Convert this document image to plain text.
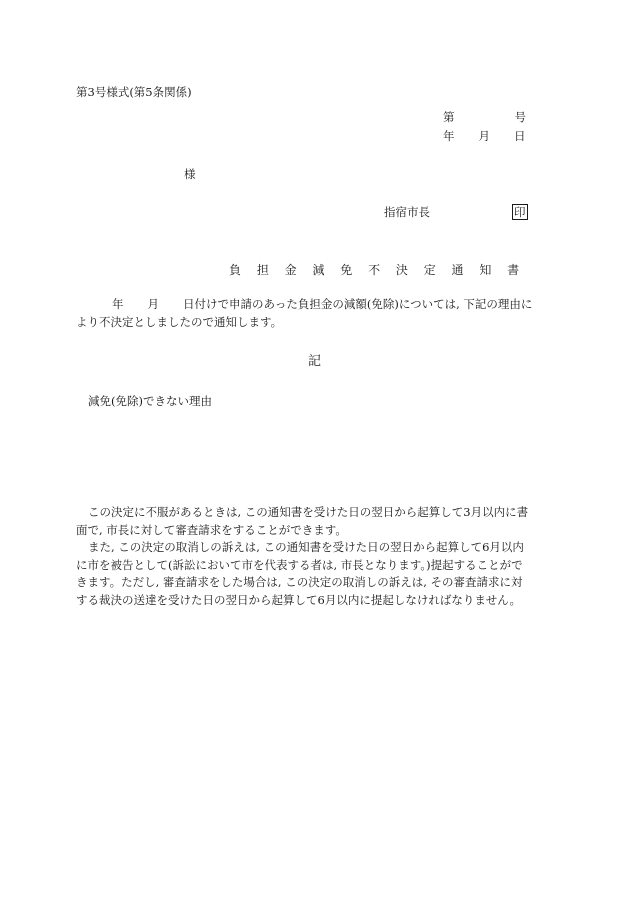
第3号様式(第5条関係)
第	号
年 月 日
様
指宿市長	印
負 担 金 減 免 不 決 定 通 知 書

年 月 日付けで申請のあった負担金の減額(免除)については, 下記の理由に

より不決定としましたので通知します。

記
減免(免除)できない理由

この決定に不服があるときは, この通知書を受けた日の翌日から起算して3月以内に書

面で, 市長に対して審査請求をすることができます。

また, この決定の取消しの訴えは, この通知書を受けた日の翌日から起算して6月以内

に市を被告として(訴訟において市を代表する者は, 市長となります。)提起することがで

きます。ただし, 審査請求をした場合は, この決定の取消しの訴えは, その審査請求に対

する裁決の送達を受けた日の翌日から起算して6月以内に提起しなければなりません。
